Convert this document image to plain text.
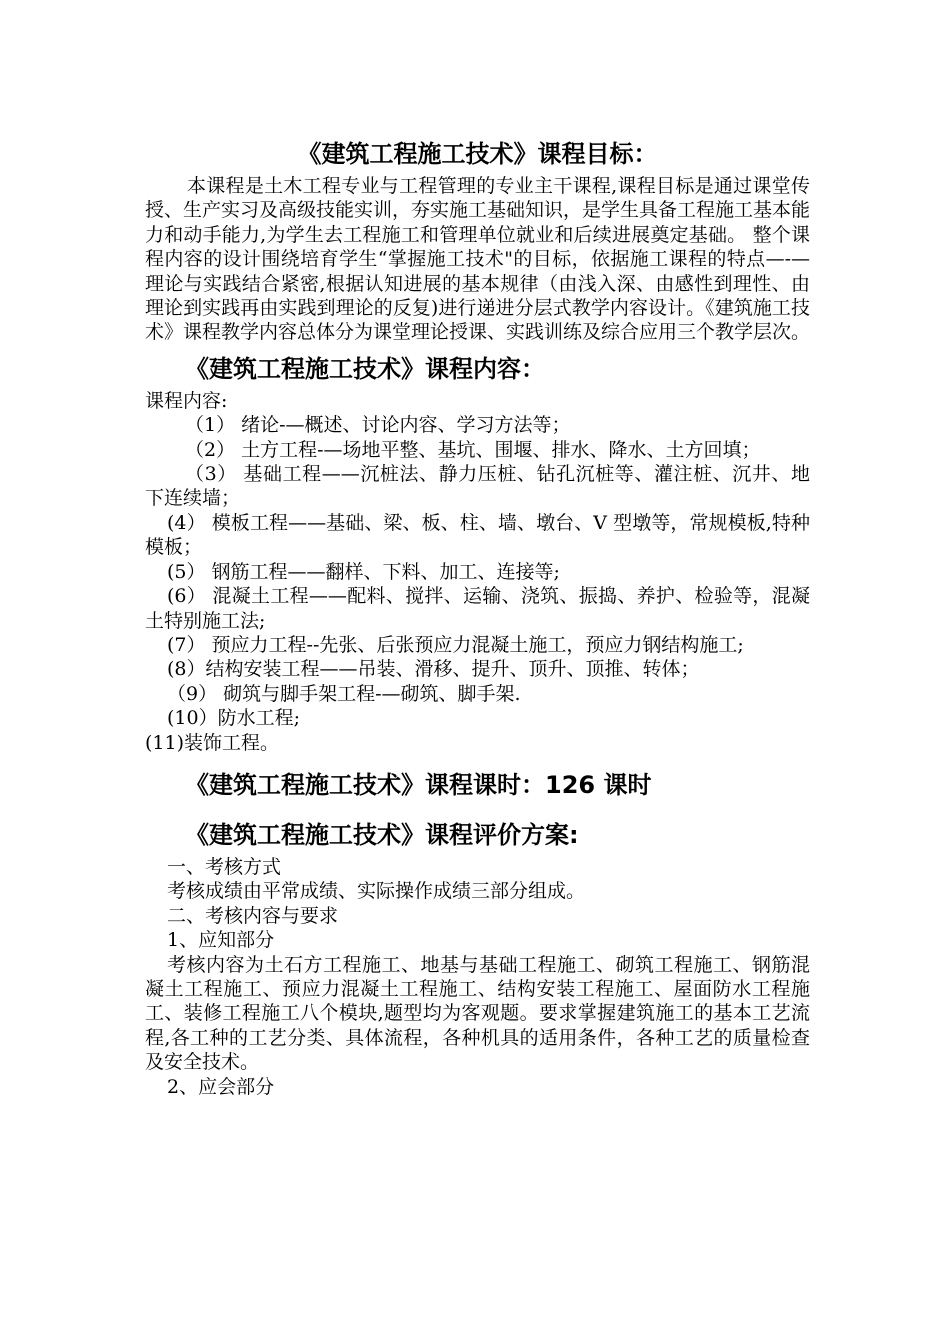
《建筑工程施工技术》课程目标：

本课程是土木工程专业与工程管理的专业主干课程,课程目标是通过课堂传授、生产实习及高级技能实训，夯实施工基础知识，是学生具备工程施工基本能力和动手能力,为学生去工程施工和管理单位就业和后续进展奠定基础。 整个课程内容的设计围绕培育学生“掌握施工技术"的目标，依据施工课程的特点—-—理论与实践结合紧密,根据认知进展的基本规律（由浅入深、由感性到理性、由理论到实践再由实践到理论的反复)进行递进分层式教学内容设计。《建筑施工技术》课程教学内容总体分为课堂理论授课、实践训练及综合应用三个教学层次。

《建筑工程施工技术》课程内容：

课程内容:

（1） 绪论-—概述、讨论内容、学习方法等；

（2） 土方工程-—场地平整、基坑、围堰、排水、降水、土方回填；

（3） 基础工程——沉桩法、静力压桩、钻孔沉桩等、灌注桩、沉井、地下连续墙；

(4） 模板工程——基础、梁、板、柱、墙、墩台、V 型墩等，常规模板,特种模板；

(5） 钢筋工程——翻样、下料、加工、连接等;

(6） 混凝土工程——配料、搅拌、运输、浇筑、振捣、养护、检验等，混凝土特别施工法;

(7） 预应力工程--先张、后张预应力混凝土施工，预应力钢结构施工;

(8）结构安装工程——吊装、滑移、提升、顶升、顶推、转体；

（9） 砌筑与脚手架工程-—砌筑、脚手架.

(10）防水工程;

(11)装饰工程。

《建筑工程施工技术》课程课时：126 课时
《建筑工程施工技术》课程评价方案:

一、考核方式

考核成绩由平常成绩、实际操作成绩三部分组成。

二、考核内容与要求

1、应知部分

考核内容为土石方工程施工、地基与基础工程施工、砌筑工程施工、钢筋混凝土工程施工、预应力混凝土工程施工、结构安装工程施工、屋面防水工程施工、装修工程施工八个模块,题型均为客观题。要求掌握建筑施工的基本工艺流程,各工种的工艺分类、具体流程，各种机具的适用条件，各种工艺的质量检查及安全技术。

2、应会部分
